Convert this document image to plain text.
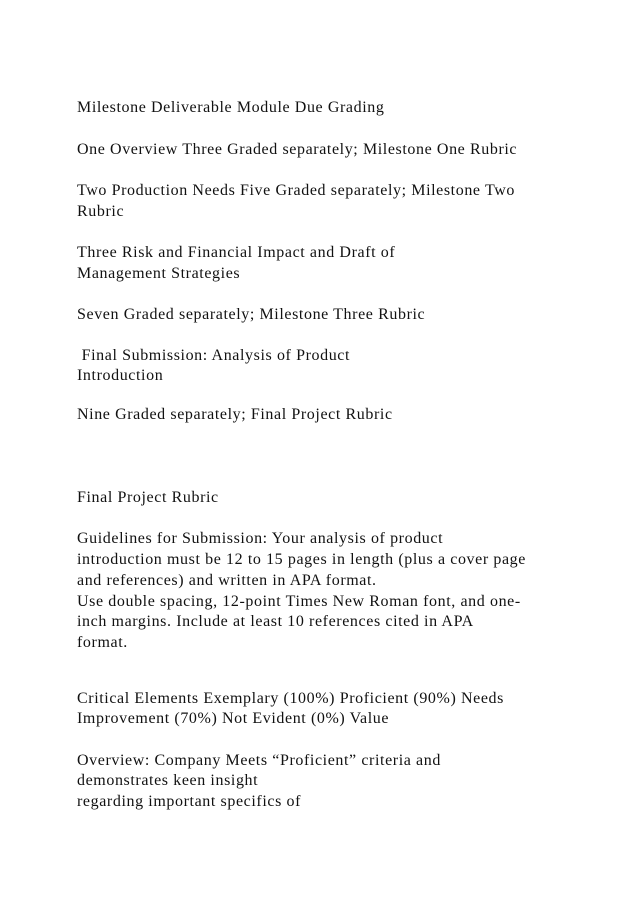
Milestone Deliverable Module Due Grading

One Overview Three Graded separately; Milestone One Rubric

Two Production Needs Five Graded separately; Milestone Two

Rubric

Three Risk and Financial Impact and Draft of

Management Strategies

Seven Graded separately; Milestone Three Rubric

Final Submission: Analysis of Product

Introduction

Nine Graded separately; Final Project Rubric

Final Project Rubric

Guidelines for Submission: Your analysis of product

introduction must be 12 to 15 pages in length (plus a cover page

and references) and written in APA format.

Use double spacing, 12-point Times New Roman font, and one-

inch margins. Include at least 10 references cited in APA

format.

Critical Elements Exemplary (100%) Proficient (90%) Needs

Improvement (70%) Not Evident (0%) Value

Overview: Company Meets “Proficient” criteria and

demonstrates keen insight

regarding important specifics of
